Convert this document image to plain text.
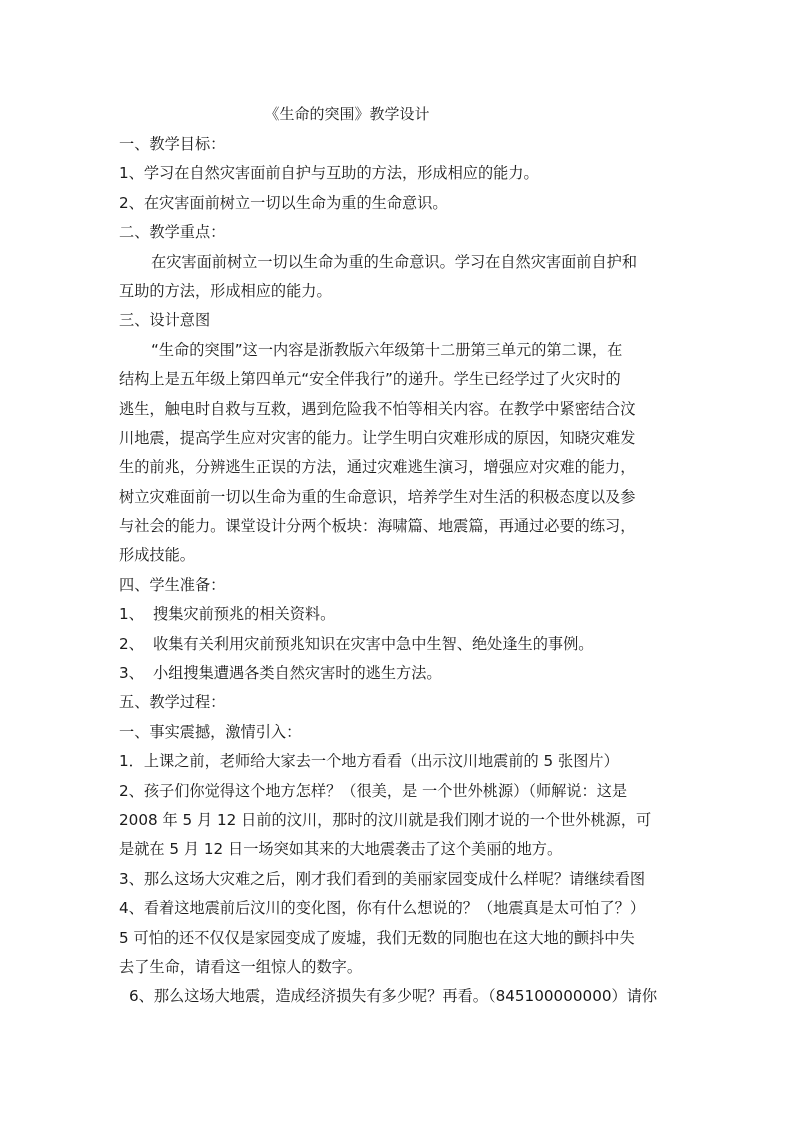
《生命的突围》教学设计
一、教学目标：
1、学习在自然灾害面前自护与互助的方法，形成相应的能力。
2、在灾害面前树立一切以生命为重的生命意识。
二、教学重点：
在灾害面前树立一切以生命为重的生命意识。学习在自然灾害面前自护和
互助的方法，形成相应的能力。
三、设计意图
“生命的突围”这一内容是浙教版六年级第十二册第三单元的第二课，在
结构上是五年级上第四单元“安全伴我行”的递升。学生已经学过了火灾时的
逃生，触电时自救与互救，遇到危险我不怕等相关内容。在教学中紧密结合汶
川地震，提高学生应对灾害的能力。让学生明白灾难形成的原因，知晓灾难发
生的前兆，分辨逃生正误的方法，通过灾难逃生演习，增强应对灾难的能力，
树立灾难面前一切以生命为重的生命意识，培养学生对生活的积极态度以及参
与社会的能力。课堂设计分两个板块：海啸篇、地震篇，再通过必要的练习，
形成技能。
四、学生准备：
1、 搜集灾前预兆的相关资料。
2、 收集有关利用灾前预兆知识在灾害中急中生智、绝处逢生的事例。
3、 小组搜集遭遇各类自然灾害时的逃生方法。
五、教学过程：
一、事实震撼，激情引入：
1．上课之前，老师给大家去一个地方看看（出示汶川地震前的 5 张图片）
2、孩子们你觉得这个地方怎样？（很美，是 一个世外桃源）（师解说：这是
2008 年 5 月 12 日前的汶川，那时的汶川就是我们刚才说的一个世外桃源，可
是就在 5 月 12 日一场突如其来的大地震袭击了这个美丽的地方。
3、那么这场大灾难之后，刚才我们看到的美丽家园变成什么样呢？请继续看图
4、看着这地震前后汶川的变化图，你有什么想说的？（地震真是太可怕了？）
5 可怕的还不仅仅是家园变成了废墟，我们无数的同胞也在这大地的颤抖中失
去了生命，请看这一组惊人的数字。
6、那么这场大地震，造成经济损失有多少呢？再看。（845100000000）请你
